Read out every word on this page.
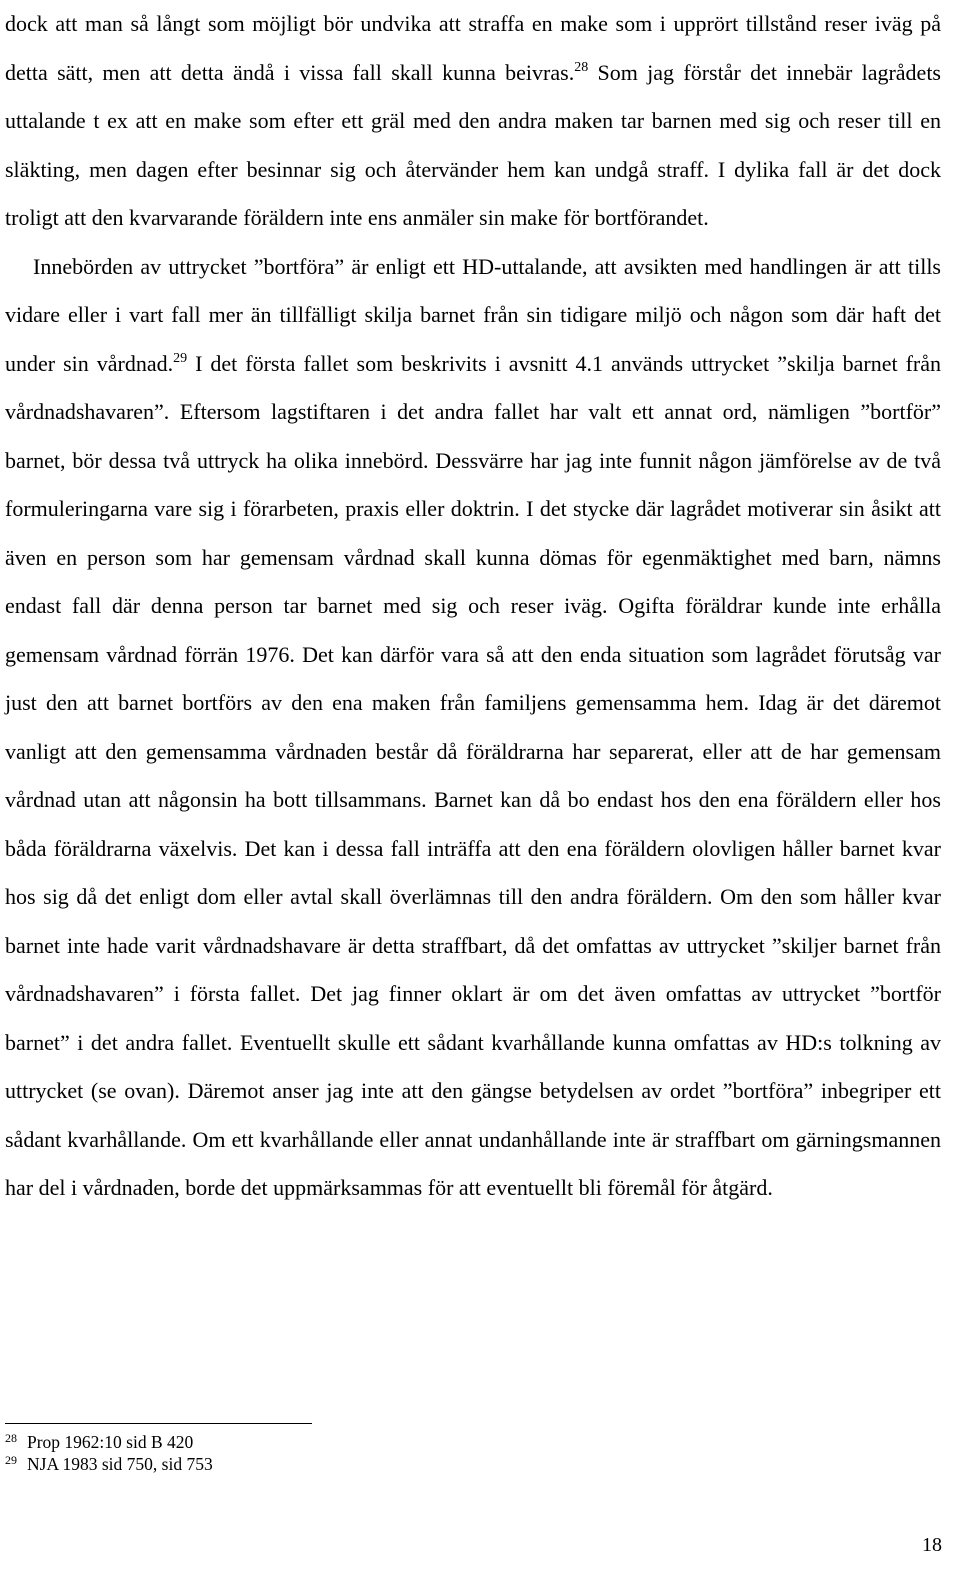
dock att man så långt som möjligt bör undvika att straffa en make som i upprört tillstånd reser iväg på detta sätt, men att detta ändå i vissa fall skall kunna beivras.$^{28}$ Som jag förstår det innebär lagrådets uttalande t ex att en make som efter ett gräl med den andra maken tar barnen med sig och reser till en släkting, men dagen efter besinnar sig och återvänder hem kan undgå straff. I dylika fall är det dock troligt att den kvarvarande föräldern inte ens anmäler sin make för bortförandet.

Innebörden av uttrycket ”bortföra” är enligt ett HD-uttalande, att avsikten med handlingen är att tills vidare eller i vart fall mer än tillfälligt skilja barnet från sin tidigare miljö och någon som där haft det under sin vårdnad.$^{29}$ I det första fallet som beskrivits i avsnitt 4.1 används uttrycket ”skilja barnet från vårdnadshavaren”. Eftersom lagstiftaren i det andra fallet har valt ett annat ord, nämligen ”bortför” barnet, bör dessa två uttryck ha olika innebörd. Dessvärre har jag inte funnit någon jämförelse av de två formuleringarna vare sig i förarbeten, praxis eller doktrin. I det stycke där lagrådet motiverar sin åsikt att även en person som har gemensam vårdnad skall kunna dömas för egenmäktighet med barn, nämns endast fall där denna person tar barnet med sig och reser iväg. Ogifta föräldrar kunde inte erhålla gemensam vårdnad förrän 1976. Det kan därför vara så att den enda situation som lagrådet förutsåg var just den att barnet bortförs av den ena maken från familjens gemensamma hem. Idag är det däremot vanligt att den gemensamma vårdnaden består då föräldrarna har separerat, eller att de har gemensam vårdnad utan att någonsin ha bott tillsammans. Barnet kan då bo endast hos den ena föräldern eller hos båda föräldrarna växelvis. Det kan i dessa fall inträffa att den ena föräldern olovligen håller barnet kvar hos sig då det enligt dom eller avtal skall överlämnas till den andra föräldern. Om den som håller kvar barnet inte hade varit vårdnadshavare är detta straffbart, då det omfattas av uttrycket ”skiljer barnet från vårdnadshavaren” i första fallet. Det jag finner oklart är om det även omfattas av uttrycket ”bortför barnet” i det andra fallet. Eventuellt skulle ett sådant kvarhållande kunna omfattas av HD:s tolkning av uttrycket (se ovan). Däremot anser jag inte att den gängse betydelsen av ordet ”bortföra” inbegriper ett sådant kvarhållande. Om ett kvarhållande eller annat undanhållande inte är straffbart om gärningsmannen har del i vårdnaden, borde det uppmärksammas för att eventuellt bli föremål för åtgärd.

28 Prop 1962:10 sid B 420
29 NJA 1983 sid 750, sid 753
18
